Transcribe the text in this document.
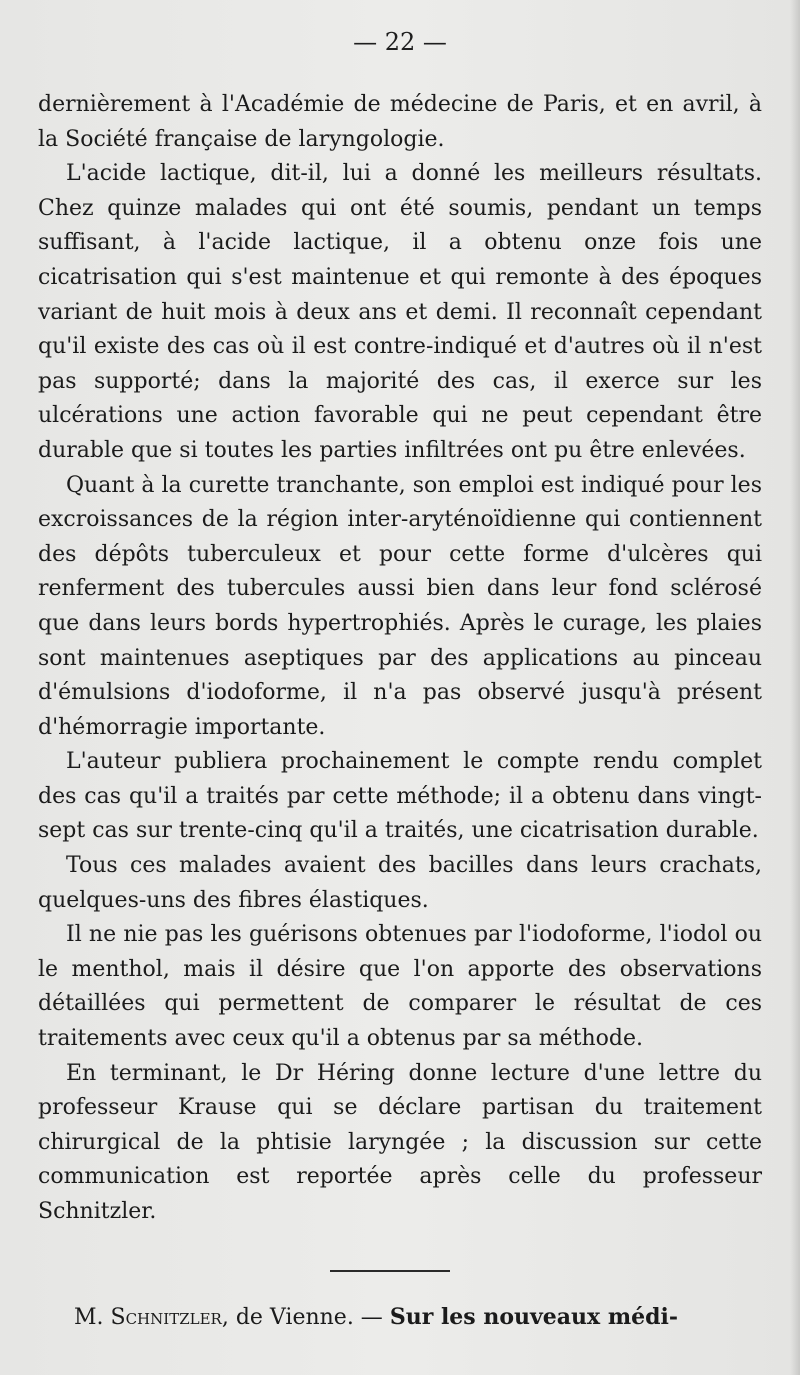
— 22 —

dernièrement à l'Académie de médecine de Paris, et en avril, à la Société française de laryngologie.

L'acide lactique, dit-il, lui a donné les meilleurs résultats. Chez quinze malades qui ont été soumis, pendant un temps suffisant, à l'acide lactique, il a obtenu onze fois une cicatrisation qui s'est maintenue et qui remonte à des époques variant de huit mois à deux ans et demi. Il reconnaît cependant qu'il existe des cas où il est contre-indiqué et d'autres où il n'est pas supporté; dans la majorité des cas, il exerce sur les ulcérations une action favorable qui ne peut cependant être durable que si toutes les parties infiltrées ont pu être enlevées.

Quant à la curette tranchante, son emploi est indiqué pour les excroissances de la région inter-aryténoïdienne qui contiennent des dépôts tuberculeux et pour cette forme d'ulcères qui renferment des tubercules aussi bien dans leur fond sclérosé que dans leurs bords hypertrophiés. Après le curage, les plaies sont maintenues aseptiques par des applications au pinceau d'émulsions d'iodoforme, il n'a pas observé jusqu'à présent d'hémorragie importante.

L'auteur publiera prochainement le compte rendu complet des cas qu'il a traités par cette méthode; il a obtenu dans vingt-sept cas sur trente-cinq qu'il a traités, une cicatrisation durable.

Tous ces malades avaient des bacilles dans leurs crachats, quelques-uns des fibres élastiques.

Il ne nie pas les guérisons obtenues par l'iodoforme, l'iodol ou le menthol, mais il désire que l'on apporte des observations détaillées qui permettent de comparer le résultat de ces traitements avec ceux qu'il a obtenus par sa méthode.

En terminant, le Dr Héring donne lecture d'une lettre du professeur Krause qui se déclare partisan du traitement chirurgical de la phtisie laryngée ; la discussion sur cette communication est reportée après celle du professeur Schnitzler.

M. Schnitzler, de Vienne. — Sur les nouveaux médi-
